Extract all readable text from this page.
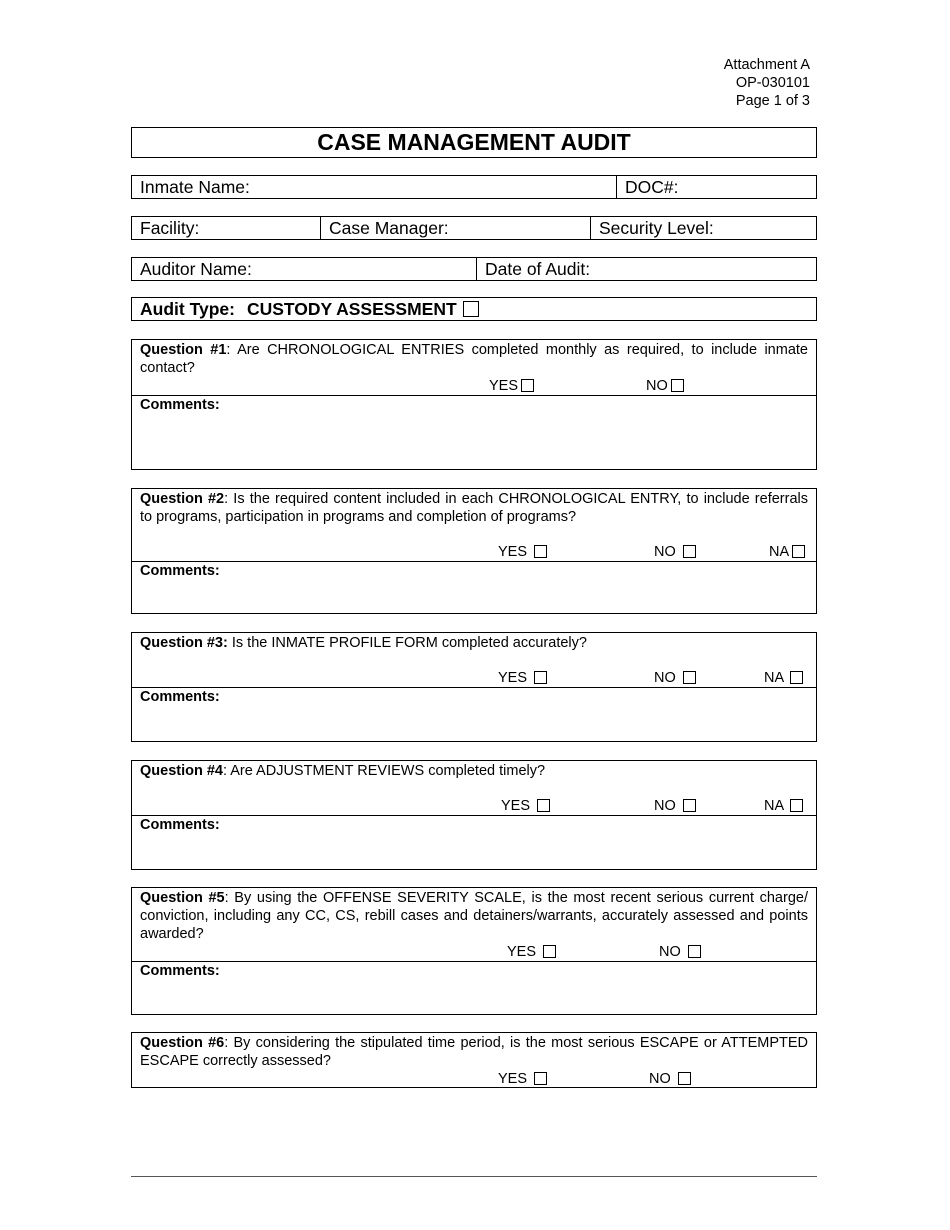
Attachment A
OP-030101
Page 1 of 3
CASE MANAGEMENT AUDIT
Inmate Name:	DOC#:
Facility:	Case Manager:	Security Level:
Auditor Name:	Date of Audit:
Audit Type: CUSTODY ASSESSMENT
Question #1: Are CHRONOLOGICAL ENTRIES completed monthly as required, to include inmate contact?
YES	NO
Comments:
Question #2: Is the required content included in each CHRONOLOGICAL ENTRY, to include referrals to programs, participation in programs and completion of programs?
YES	NO	NA
Comments:
Question #3: Is the INMATE PROFILE FORM completed accurately?
YES	NO	NA
Comments:
Question #4: Are ADJUSTMENT REVIEWS completed timely?
YES	NO	NA
Comments:
Question #5: By using the OFFENSE SEVERITY SCALE, is the most recent serious current charge/ conviction, including any CC, CS, rebill cases and detainers/warrants, accurately assessed and points awarded?
YES	NO
Comments:
Question #6: By considering the stipulated time period, is the most serious ESCAPE or ATTEMPTED ESCAPE correctly assessed?
YES	NO
